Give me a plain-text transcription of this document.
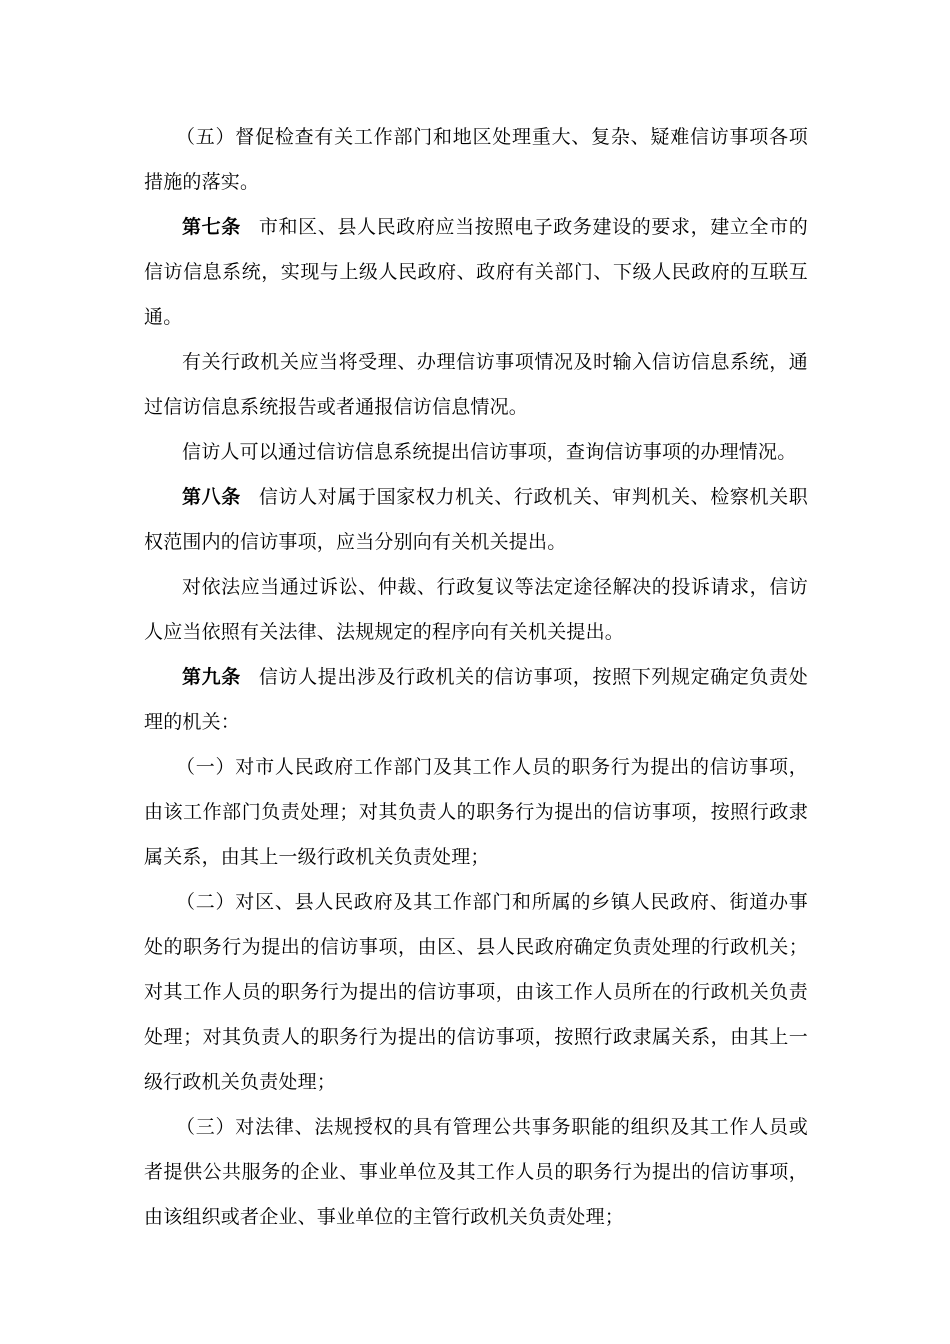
（五）督促检查有关工作部门和地区处理重大、复杂、疑难信访事项各项措施的落实。

第七条 市和区、县人民政府应当按照电子政务建设的要求，建立全市的信访信息系统，实现与上级人民政府、政府有关部门、下级人民政府的互联互通。

有关行政机关应当将受理、办理信访事项情况及时输入信访信息系统，通过信访信息系统报告或者通报信访信息情况。

信访人可以通过信访信息系统提出信访事项，查询信访事项的办理情况。

第八条 信访人对属于国家权力机关、行政机关、审判机关、检察机关职权范围内的信访事项，应当分别向有关机关提出。

对依法应当通过诉讼、仲裁、行政复议等法定途径解决的投诉请求，信访人应当依照有关法律、法规规定的程序向有关机关提出。

第九条 信访人提出涉及行政机关的信访事项，按照下列规定确定负责处理的机关：

（一）对市人民政府工作部门及其工作人员的职务行为提出的信访事项，由该工作部门负责处理；对其负责人的职务行为提出的信访事项，按照行政隶属关系，由其上一级行政机关负责处理；

（二）对区、县人民政府及其工作部门和所属的乡镇人民政府、街道办事处的职务行为提出的信访事项，由区、县人民政府确定负责处理的行政机关；对其工作人员的职务行为提出的信访事项，由该工作人员所在的行政机关负责处理；对其负责人的职务行为提出的信访事项，按照行政隶属关系，由其上一级行政机关负责处理；

（三）对法律、法规授权的具有管理公共事务职能的组织及其工作人员或者提供公共服务的企业、事业单位及其工作人员的职务行为提出的信访事项，由该组织或者企业、事业单位的主管行政机关负责处理；
